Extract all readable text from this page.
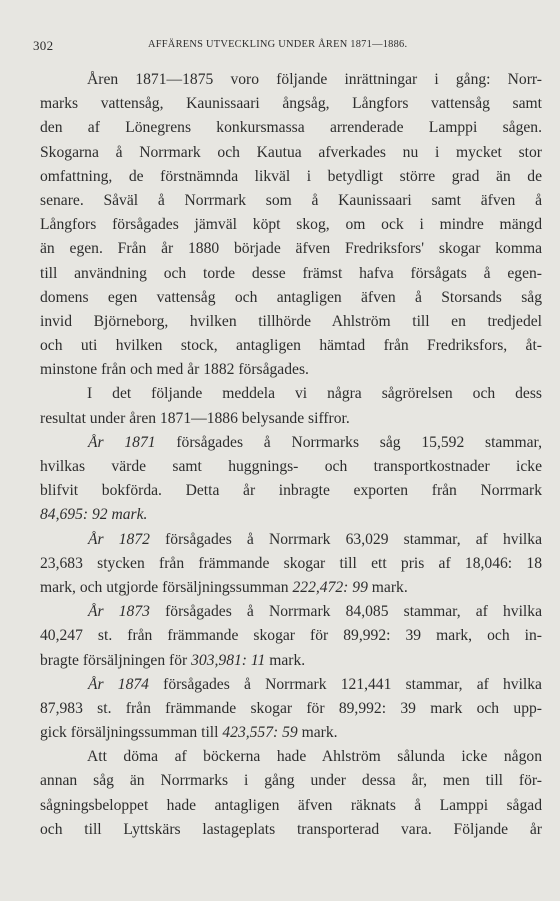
302	AFFÄRENS UTVECKLING UNDER ÅREN 1871—1886.
Åren 1871—1875 voro följande inrättningar i gång: Norr-
marks vattensåg, Kaunissaari ångsåg, Långfors vattensåg samt
den af Lönegrens konkursmassa arrenderade Lamppi sågen.
Skogarna å Norrmark och Kautua afverkades nu i mycket stor
omfattning, de förstnämnda likväl i betydligt större grad än de
senare. Såväl å Norrmark som å Kaunissaari samt äfven å
Långfors försågades jämväl köpt skog, om ock i mindre mängd
än egen. Från år 1880 började äfven Fredriksfors' skogar komma
till användning och torde desse främst hafva försågats å egen-
domens egen vattensåg och antagligen äfven å Storsands såg
invid Björneborg, hvilken tillhörde Ahlström till en tredjedel
och uti hvilken stock, antagligen hämtad från Fredriksfors, åt-
minstone från och med år 1882 försågades.
I det följande meddela vi några sågrörelsen och dess
resultat under åren 1871—1886 belysande siffror.
År 1871 försågades å Norrmarks såg 15,592 stammar,
hvilkas värde samt huggnings- och transportkostnader icke
blifvit bokförda. Detta år inbragte exporten från Norrmark
84,695: 92 mark.
År 1872 försågades å Norrmark 63,029 stammar, af hvilka
23,683 stycken från främmande skogar till ett pris af 18,046: 18
mark, och utgjorde försäljningssumman 222,472: 99 mark.
År 1873 försågades å Norrmark 84,085 stammar, af hvilka
40,247 st. från främmande skogar för 89,992: 39 mark, och in-
bragte försäljningen för 303,981: 11 mark.
År 1874 försågades å Norrmark 121,441 stammar, af hvilka
87,983 st. från främmande skogar för 89,992: 39 mark och upp-
gick försäljningssumman till 423,557: 59 mark.
Att döma af böckerna hade Ahlström sålunda icke någon
annan såg än Norrmarks i gång under dessa år, men till för-
sågningsbeloppet hade antagligen äfven räknats å Lamppi sågad
och till Lyttskärs lastageplats transporterad vara. Följande år
